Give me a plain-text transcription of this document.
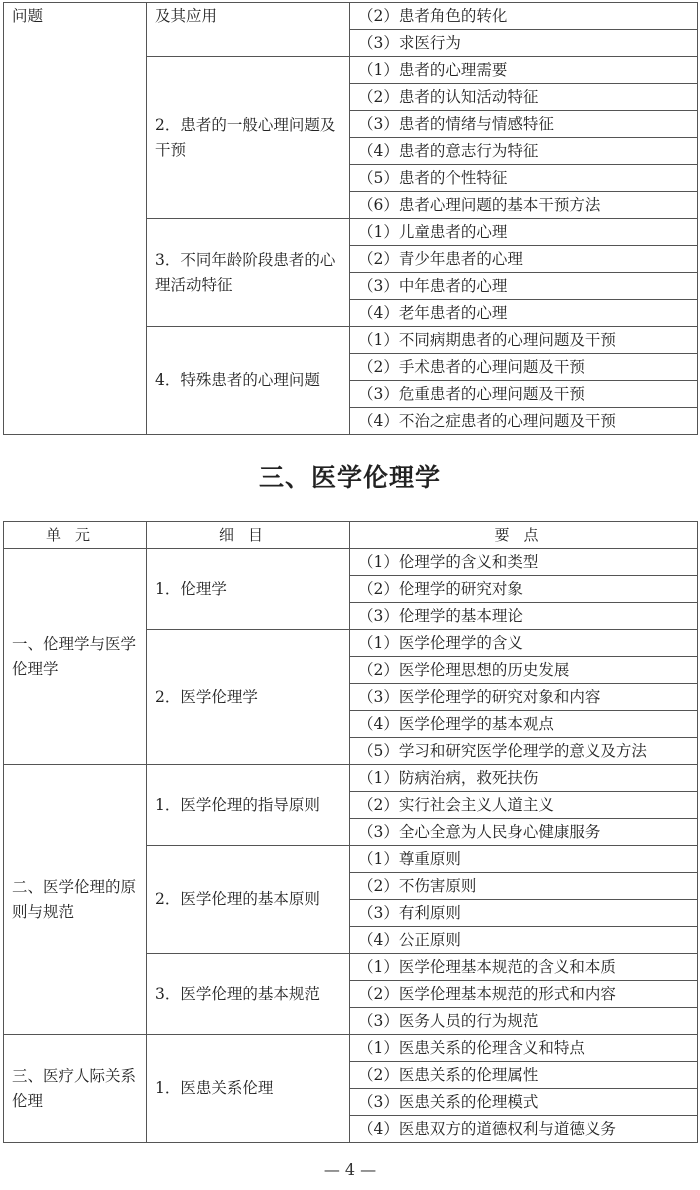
问题	及其应用	（2）患者角色的转化
		（3）求医行为
	2．患者的一般心理问题及干预	（1）患者的心理需要
		（2）患者的认知活动特征
		（3）患者的情绪与情感特征
		（4）患者的意志行为特征
		（5）患者的个性特征
		（6）患者心理问题的基本干预方法
	3．不同年龄阶段患者的心理活动特征	（1）儿童患者的心理
		（2）青少年患者的心理
		（3）中年患者的心理
		（4）老年患者的心理
	4．特殊患者的心理问题	（1）不同病期患者的心理问题及干预
		（2）手术患者的心理问题及干预
		（3）危重患者的心理问题及干预
		（4）不治之症患者的心理问题及干预
三、医学伦理学
单元	细目	要点
一、伦理学与医学伦理学	1．伦理学	（1）伦理学的含义和类型
		（2）伦理学的研究对象
		（3）伦理学的基本理论
	2．医学伦理学	（1）医学伦理学的含义
		（2）医学伦理思想的历史发展
		（3）医学伦理学的研究对象和内容
		（4）医学伦理学的基本观点
		（5）学习和研究医学伦理学的意义及方法
二、医学伦理的原则与规范	1．医学伦理的指导原则	（1）防病治病，救死扶伤
		（2）实行社会主义人道主义
		（3）全心全意为人民身心健康服务
	2．医学伦理的基本原则	（1）尊重原则
		（2）不伤害原则
		（3）有利原则
		（4）公正原则
	3．医学伦理的基本规范	（1）医学伦理基本规范的含义和本质
		（2）医学伦理基本规范的形式和内容
		（3）医务人员的行为规范
三、医疗人际关系伦理	1．医患关系伦理	（1）医患关系的伦理含义和特点
		（2）医患关系的伦理属性
		（3）医患关系的伦理模式
		（4）医患双方的道德权利与道德义务
— 4 —
